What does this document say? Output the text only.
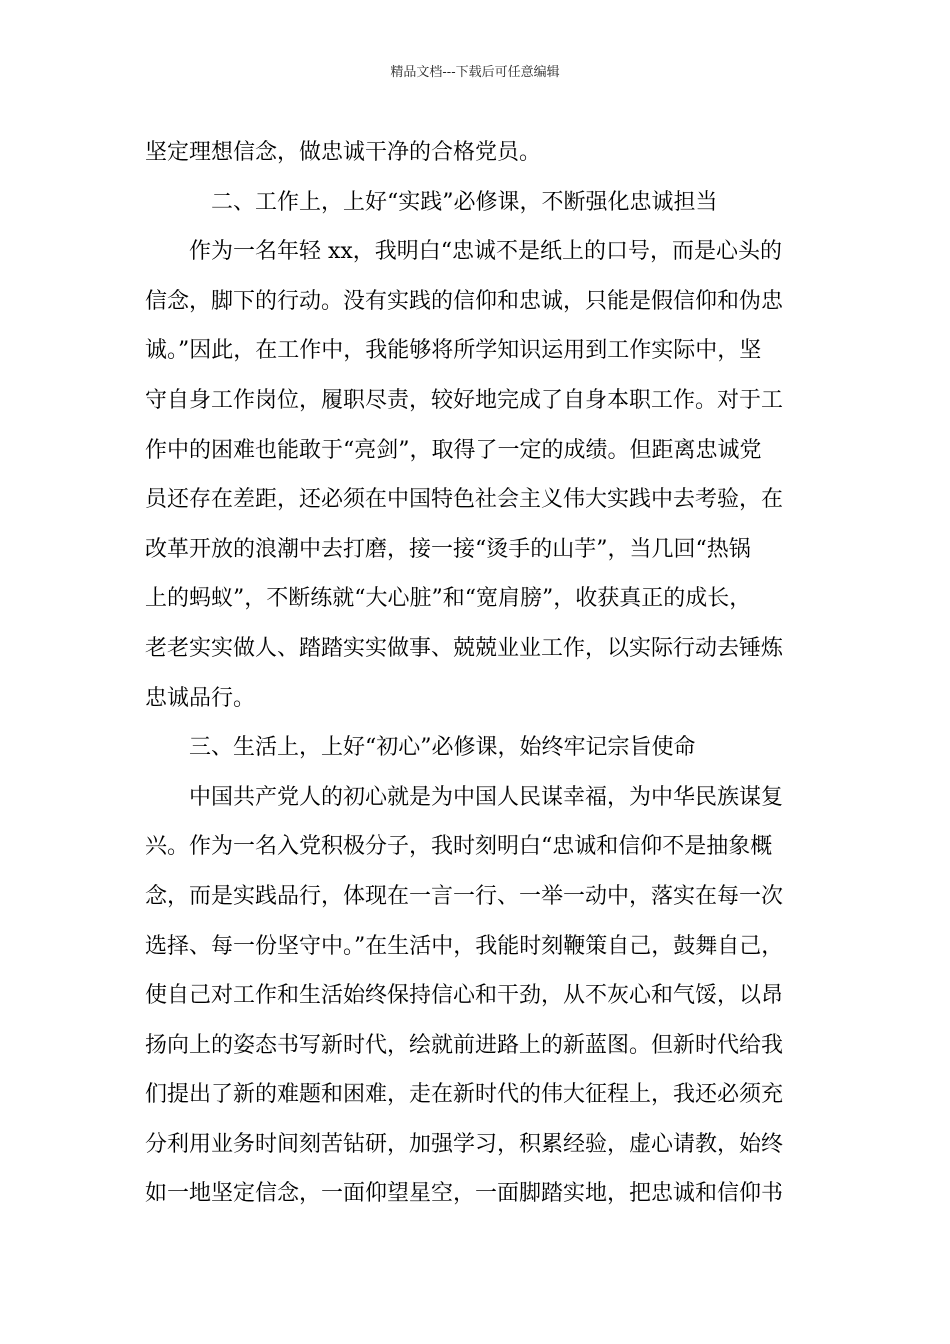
精品文档---下载后可任意编辑
坚定理想信念，做忠诚干净的合格党员。
二、工作上，上好“实践”必修课，不断强化忠诚担当
作为一名年轻 xx，我明白“忠诚不是纸上的口号，而是心头的
信念，脚下的行动。没有实践的信仰和忠诚，只能是假信仰和伪忠
诚。”因此，在工作中，我能够将所学知识运用到工作实际中，坚
守自身工作岗位，履职尽责，较好地完成了自身本职工作。对于工
作中的困难也能敢于“亮剑”，取得了一定的成绩。但距离忠诚党
员还存在差距，还必须在中国特色社会主义伟大实践中去考验，在
改革开放的浪潮中去打磨，接一接“烫手的山芋”，当几回“热锅
上的蚂蚁”，不断练就“大心脏”和“宽肩膀”，收获真正的成长，
老老实实做人、踏踏实实做事、兢兢业业工作，以实际行动去锤炼
忠诚品行。
三、生活上，上好“初心”必修课，始终牢记宗旨使命
中国共产党人的初心就是为中国人民谋幸福，为中华民族谋复
兴。作为一名入党积极分子，我时刻明白“忠诚和信仰不是抽象概
念，而是实践品行，体现在一言一行、一举一动中，落实在每一次
选择、每一份坚守中。”在生活中，我能时刻鞭策自己，鼓舞自己，
使自己对工作和生活始终保持信心和干劲，从不灰心和气馁，以昂
扬向上的姿态书写新时代，绘就前进路上的新蓝图。但新时代给我
们提出了新的难题和困难，走在新时代的伟大征程上，我还必须充
分利用业务时间刻苦钻研，加强学习，积累经验，虚心请教，始终
如一地坚定信念，一面仰望星空，一面脚踏实地，把忠诚和信仰书
